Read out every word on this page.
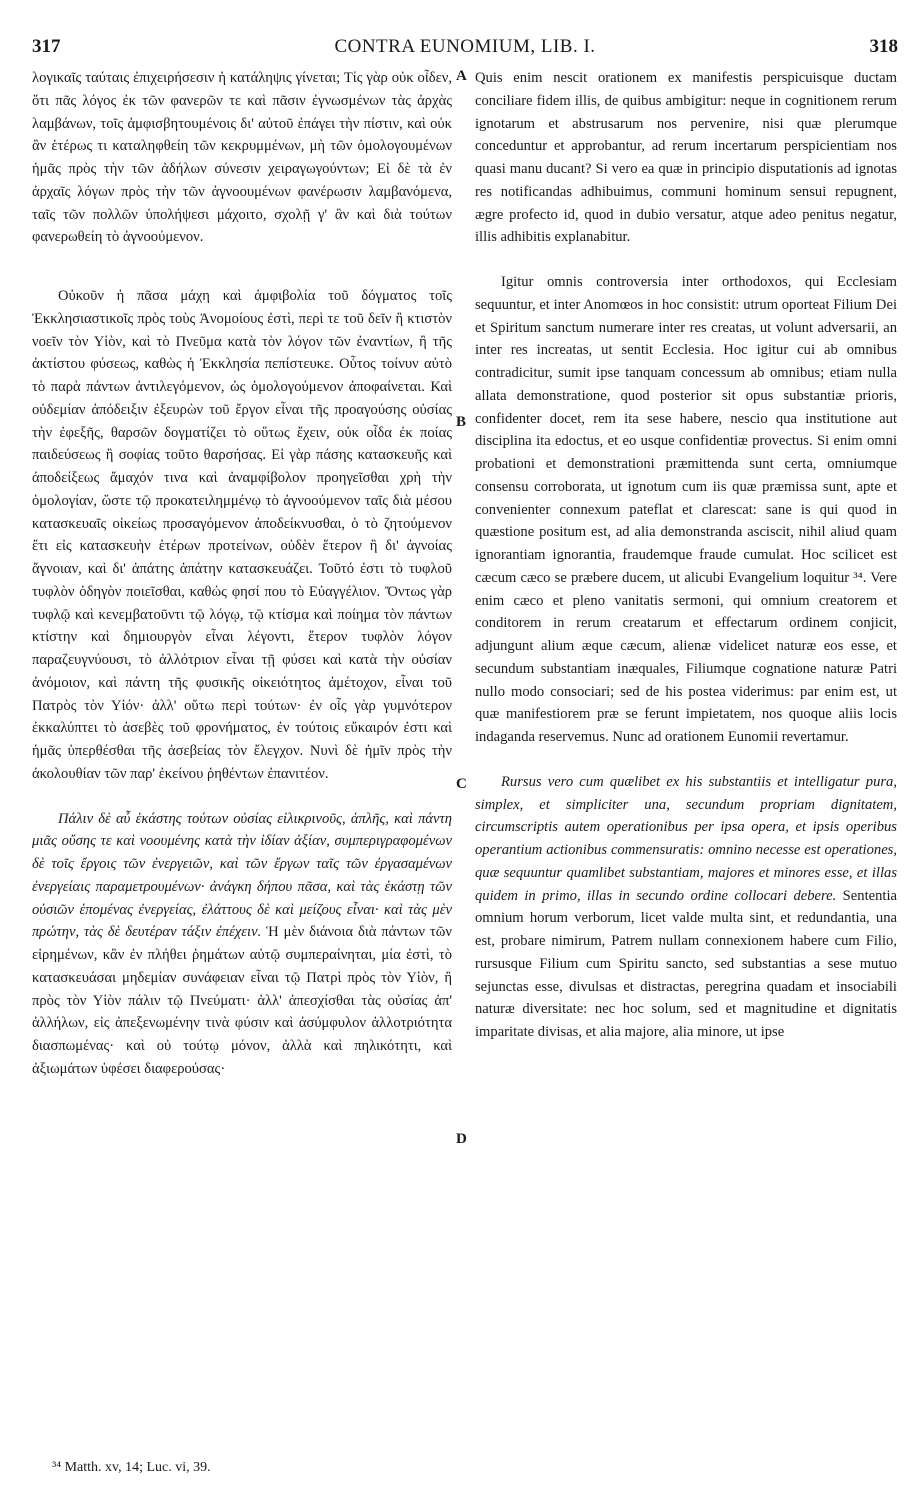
317	CONTRA EUNOMIUM, LIB. I.	318

λογικαῖς ταύταις ἐπιχειρήσεσιν ἡ κατάληψις γίνεται; Τίς γὰρ οὐκ οἶδεν, ὅτι πᾶς λόγος ἐκ τῶν φανερῶν τε καὶ πᾶσιν ἐγνωσμένων τὰς ἀρχὰς λαμβάνων, τοῖς ἀμφισβητουμένοις δι' αὐτοῦ ἐπάγει τὴν πίστιν, καὶ οὐκ ἂν ἑτέρως τι καταληφθείη τῶν κεκρυμμένων, μὴ τῶν ὁμολογουμένων ἡμᾶς πρὸς τὴν τῶν ἀδήλων σύνεσιν χειραγωγούντων; Εἰ δὲ τὰ ἐν ἀρχαῖς λόγων πρὸς τὴν τῶν ἀγνοουμένων φανέρωσιν λαμβανόμενα, ταῖς τῶν πολλῶν ὑπολήψεσι μάχοιτο, σχολῇ γ' ἂν καὶ διὰ τούτων φανερωθείη τὸ ἀγνοούμενον.

Οὐκοῦν ἡ πᾶσα μάχη καὶ ἀμφιβολία τοῦ δόγματος τοῖς Ἐκκλησιαστικοῖς πρὸς τοὺς Ἀνομοίους ἐστὶ, περὶ τε τοῦ δεῖν ἢ κτιστὸν νοεῖν τὸν Υἱὸν, καὶ τὸ Πνεῦμα κατὰ τὸν λόγον τῶν ἐναντίων, ἢ τῆς ἀκτίστου φύσεως, καθὼς ἡ Ἐκκλησία πεπίστευκε. Οὗτος τοίνυν αὐτὸ τὸ παρὰ πάντων ἀντιλεγόμενον, ὡς ὁμολογούμενον ἀποφαίνεται. Καὶ οὐδεμίαν ἀπόδειξιν ἐξευρὼν τοῦ ἔργον εἶναι τῆς προαγούσης οὐσίας τὴν ἐφεξῆς, θαρσῶν δογματίζει τὸ οὕτως ἔχειν, οὐκ οἶδα ἐκ ποίας παιδεύσεως ἢ σοφίας τοῦτο θαρσήσας. Εἰ γὰρ πάσης κατασκευῆς καὶ ἀποδείξεως ἄμαχόν τινα καὶ ἀναμφίβολον προηγεῖσθαι χρὴ τὴν ὁμολογίαν, ὥστε τῷ προκατειλημμένῳ τὸ ἀγνοούμενον ταῖς διὰ μέσου κατασκευαῖς οἰκείως προσαγόμενον ἀποδείκνυσθαι, ὁ τὸ ζητούμενον ἔτι εἰς κατασκευὴν ἑτέρων προτείνων, οὐδὲν ἕτερον ἢ δι' ἀγνοίας ἄγνοιαν, καὶ δι' ἀπάτης ἀπάτην κατασκευάζει. Τοῦτό ἐστι τὸ τυφλοῦ τυφλὸν ὁδηγὸν ποιεῖσθαι, καθώς φησί που τὸ Εὐαγγέλιον. Ὄντως γὰρ τυφλῷ καὶ κενεμβατοῦντι τῷ λόγῳ, τῷ κτίσμα καὶ ποίημα τὸν πάντων κτίστην καὶ δημιουργὸν εἶναι λέγοντι, ἕτερον τυφλὸν λόγον παραζευγνύουσι, τὸ ἀλλότριον εἶναι τῇ φύσει καὶ κατὰ τὴν οὐσίαν ἀνόμοιον, καὶ πάντη τῆς φυσικῆς οἰκειότητος ἀμέτοχον, εἶναι τοῦ Πατρὸς τὸν Υἱόν· ἀλλ' οὕτω περὶ τούτων· ἐν οἷς γὰρ γυμνότερον ἐκκαλύπτει τὸ ἀσεβὲς τοῦ φρονήματος, ἐν τούτοις εὔκαιρόν ἐστι καὶ ἡμᾶς ὑπερθέσθαι τῆς ἀσεβείας τὸν ἔλεγχον. Νυνὶ δὲ ἡμῖν πρὸς τὴν ἀκολουθίαν τῶν παρ' ἐκείνου ῥηθέντων ἐπανιτέον.

Πάλιν δὲ αὖ ἑκάστης τούτων οὐσίας εἰλικρινοῦς, ἁπλῆς, καὶ πάντη μιᾶς οὔσης τε καὶ νοουμένης κατὰ τὴν ἰδίαν ἀξίαν, συμπεριγραφομένων δὲ τοῖς ἔργοις τῶν ἐνεργειῶν, καὶ τῶν ἔργων ταῖς τῶν ἐργασαμένων ἐνεργείαις παραμετρουμένων· ἀνάγκη δήπου πᾶσα, καὶ τὰς ἑκάστῃ τῶν οὐσιῶν ἑπομένας ἐνεργείας, ἐλάττους δὲ καὶ μείζους εἶναι· καὶ τὰς μὲν πρώτην, τὰς δὲ δευτέραν τάξιν ἐπέχειν. Ἡ μὲν διάνοια διὰ πάντων τῶν εἰρημένων, κἂν ἐν πλήθει ῥημάτων αὐτῷ συμπεραίνηται, μία ἐστὶ, τὸ κατασκευάσαι μηδεμίαν συνάφειαν εἶναι τῷ Πατρὶ πρὸς τὸν Υἱὸν, ἢ πρὸς τὸν Υἱὸν πάλιν τῷ Πνεύματι· ἀλλ' ἀπεσχίσθαι τὰς οὐσίας ἀπ' ἀλλήλων, εἰς ἀπεξενωμένην τινὰ φύσιν καὶ ἀσύμφυλον ἀλλοτριότητα διασπωμένας· καὶ οὐ τούτῳ μόνον, ἀλλὰ καὶ πηλικότητι, καὶ ἀξιωμάτων ὑφέσει διαφερούσας·

Quis enim nescit orationem ex manifestis perspicuisque ductam conciliare fidem illis, de quibus ambigitur: neque in cognitionem rerum ignotarum et abstrusarum nos pervenire, nisi quæ plerumque conceduntur et approbantur, ad rerum incertarum perspicientiam nos quasi manu ducant? Si vero ea quæ in principio disputationis ad ignotas res notificandas adhibuimus, communi hominum sensui repugnent, ægre profecto id, quod in dubio versatur, atque adeo penitus negatur, illis adhibitis explanabitur.

Igitur omnis controversia inter orthodoxos, qui Ecclesiam sequuntur, et inter Anomœos in hoc consistit: utrum oporteat Filium Dei et Spiritum sanctum numerare inter res creatas, ut volunt adversarii, an inter res increatas, ut sentit Ecclesia. Hoc igitur cui ab omnibus contradicitur, sumit ipse tanquam concessum ab omnibus; etiam nulla allata demonstratione, quod posterior sit opus substantiæ prioris, confidenter docet, rem ita sese habere, nescio qua institutione aut disciplina ita edoctus, et eo usque confidentiæ provectus. Si enim omni probationi et demonstrationi præmittenda sunt certa, omniumque consensu corroborata, ut ignotum cum iis quæ præmissa sunt, apte et convenienter connexum pateflat et clarescat: sane is qui quod in quæstione positum est, ad alia demonstranda asciscit, nihil aliud quam ignorantiam ignorantia, fraudemque fraude cumulat. Hoc scilicet est cæcum cæco se præbere ducem, ut alicubi Evangelium loquitur ³⁴. Vere enim cæco et pleno vanitatis sermoni, qui omnium creatorem et conditorem in rerum creatarum et effectarum ordinem conjicit, adjungunt alium æque cæcum, alienæ videlicet naturæ eos esse, et secundum substantiam inæquales, Filiumque cognatione naturæ Patri nullo modo consociari; sed de his postea viderimus: par enim est, ut quæ manifestiorem præ se ferunt impietatem, nos quoque aliis locis indaganda reservemus. Nunc ad orationem Eunomii revertamur.

Rursus vero cum quælibet ex his substantiis et intelligatur pura, simplex, et simpliciter una, secundum propriam dignitatem, circumscriptis autem operationibus per ipsa opera, et ipsis operibus operantium actionibus commensuratis: omnino necesse est operationes, quæ sequuntur quamlibet substantiam, majores et minores esse, et illas quidem in primo, illas in secundo ordine collocari debere. Sententia omnium horum verborum, licet valde multa sint, et redundantia, una est, probare nimirum, Patrem nullam connexionem habere cum Filio, rursusque Filium cum Spiritu sancto, sed substantias a sese mutuo sejunctas esse, divulsas et distractas, peregrina quadam et insociabili naturæ diversitate: nec hoc solum, sed et magnitudine et dignitatis imparitate divisas, et alia majore, alia minore, ut ipse

A
B
C
D
³⁴ Matth. xv, 14; Luc. vi, 39.
